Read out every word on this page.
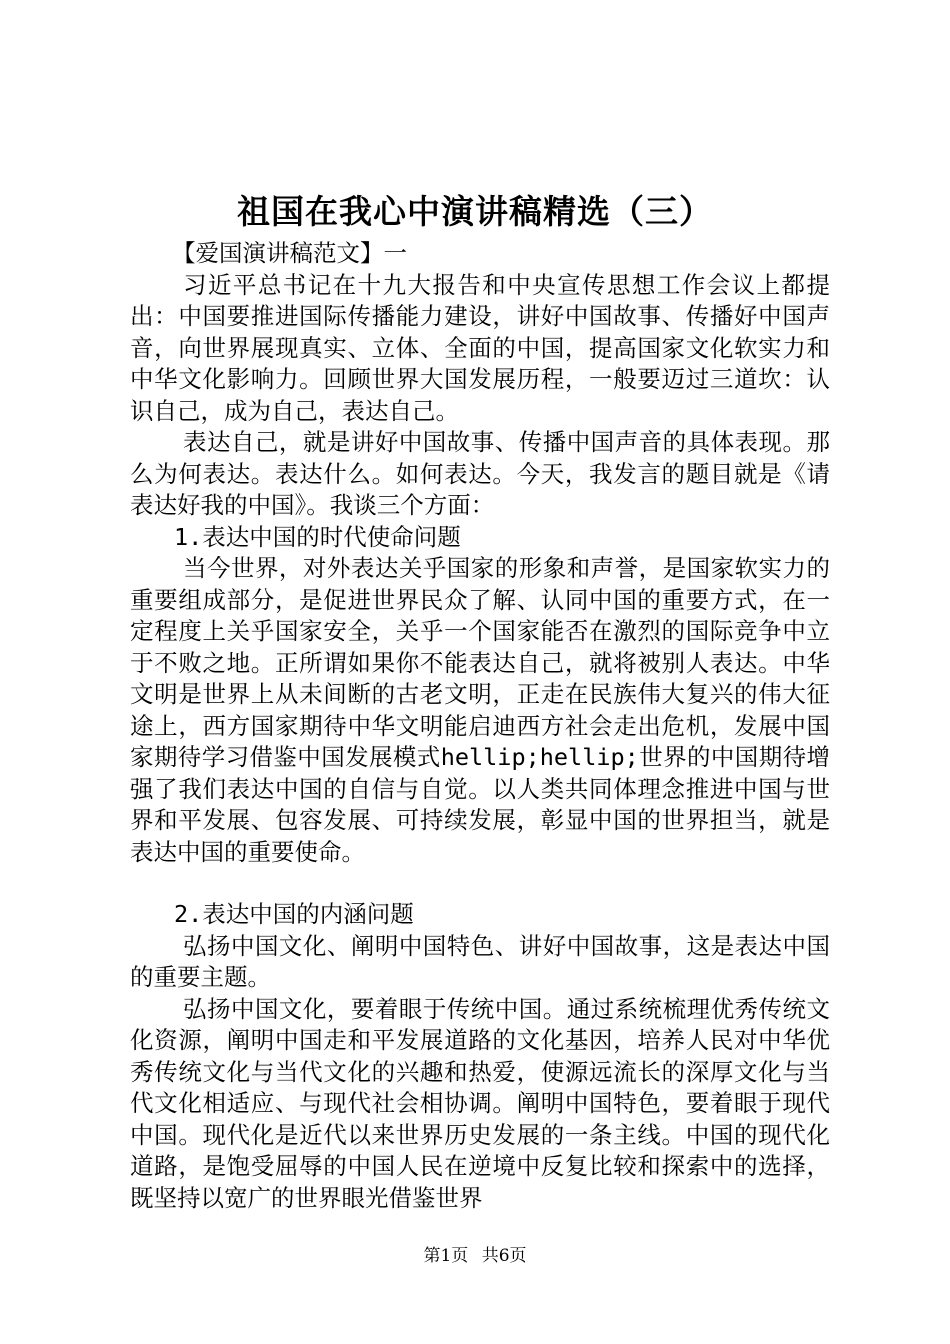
祖国在我心中演讲稿精选（三）

【爱国演讲稿范文】一

习近平总书记在十九大报告和中央宣传思想工作会议上都提出：中国要推进国际传播能力建设，讲好中国故事、传播好中国声音，向世界展现真实、立体、全面的中国，提高国家文化软实力和中华文化影响力。回顾世界大国发展历程，一般要迈过三道坎：认识自己，成为自己，表达自己。

表达自己，就是讲好中国故事、传播中国声音的具体表现。那么为何表达。表达什么。如何表达。今天，我发言的题目就是《请表达好我的中国》。我谈三个方面：

1.表达中国的时代使命问题

当今世界，对外表达关乎国家的形象和声誉，是国家软实力的重要组成部分，是促进世界民众了解、认同中国的重要方式，在一定程度上关乎国家安全，关乎一个国家能否在激烈的国际竞争中立于不败之地。正所谓如果你不能表达自己，就将被别人表达。中华文明是世界上从未间断的古老文明，正走在民族伟大复兴的伟大征途上，西方国家期待中华文明能启迪西方社会走出危机，发展中国家期待学习借鉴中国发展模式hellip;hellip;世界的中国期待增强了我们表达中国的自信与自觉。以人类共同体理念推进中国与世界和平发展、包容发展、可持续发展，彰显中国的世界担当，就是表达中国的重要使命。

2.表达中国的内涵问题

弘扬中国文化、阐明中国特色、讲好中国故事，这是表达中国的重要主题。

弘扬中国文化，要着眼于传统中国。通过系统梳理优秀传统文化资源，阐明中国走和平发展道路的文化基因，培养人民对中华优秀传统文化与当代文化的兴趣和热爱，使源远流长的深厚文化与当代文化相适应、与现代社会相协调。阐明中国特色，要着眼于现代中国。现代化是近代以来世界历史发展的一条主线。中国的现代化道路，是饱受屈辱的中国人民在逆境中反复比较和探索中的选择，既坚持以宽广的世界眼光借鉴世界

第1页 共6页
